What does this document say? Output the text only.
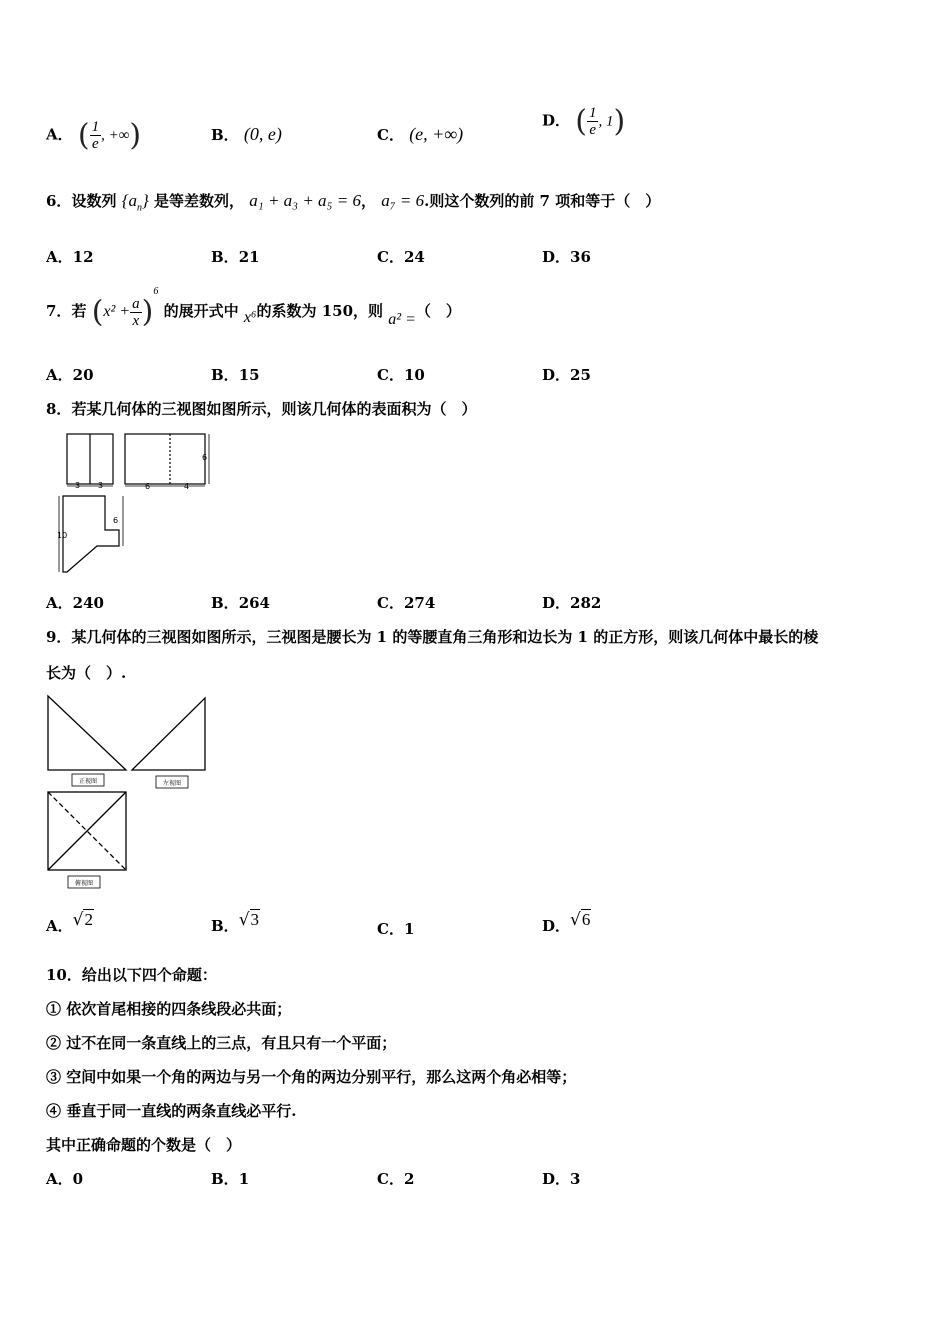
A． ( $\frac{1}{e}$ , +∞)	B． (0, e)	C． (e, +∞)
D． ( $\frac{1}{e}$ , 1)
6．设数列 $\{a_n\}$ 是等差数列， a₁ + a₃ + a₅ = 6， a₇ = 6.则这个数列的前 7 项和等于（　）
A．12	B．21	C．24	D．36
7．若 $(x^2 + \frac{a}{x} )^6$ 的展开式中 x⁶的系数为 150，则 a² =（　）
A．20	B．15	C．10	D．25
8．若某几何体的三视图如图所示，则该几何体的表面积为（　）
3 3	6	4
6
6
10
A．240	B．264	C．274	D．282
9．某几何体的三视图如图所示，三视图是腰长为 1 的等腰直角三角形和边长为 1 的正方形，则该几何体中最长的棱
长为（　）.
正视图	左视图
俯视图
A．√2	B．√3	C．1	D．√6
10．给出以下四个命题：
① 依次首尾相接的四条线段必共面；
② 过不在同一条直线上的三点，有且只有一个平面；
③ 空间中如果一个角的两边与另一个角的两边分别平行，那么这两个角必相等；
④ 垂直于同一直线的两条直线必平行.
其中正确命题的个数是（　）
A．0	B．1	C．2	D．3
